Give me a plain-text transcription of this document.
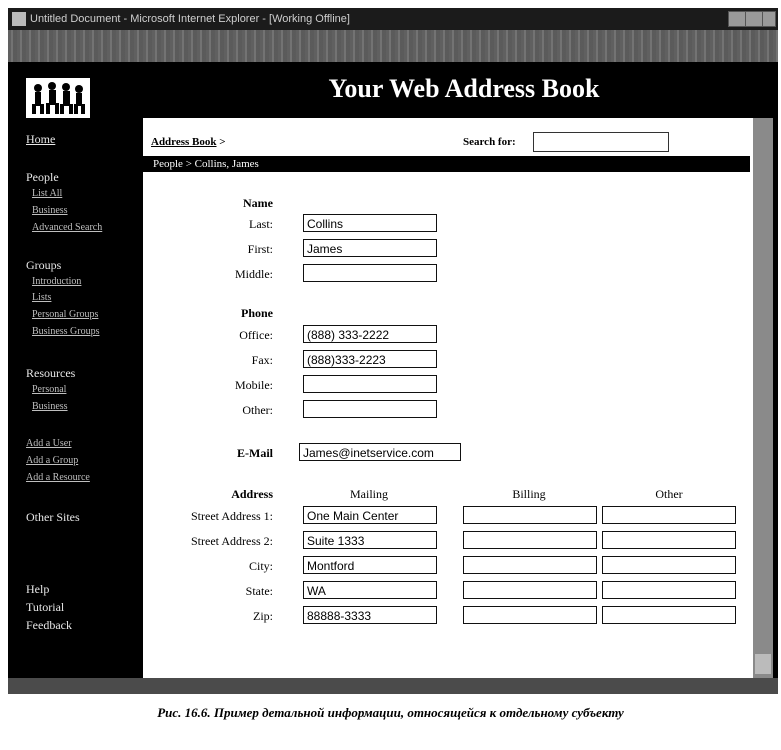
Untitled Document - Microsoft Internet Explorer - [Working Offline]
Your Web Address Book
Home
People
List All
Business
Advanced Search
Groups
Introduction
Lists
Personal Groups
Business Groups
Resources
Personal
Business
Add a User
Add a Group
Add a Resource
Other Sites
Help
Tutorial
Feedback
Address Book >	Search for:
People > Collins, James
Name
Last:	Collins
First:	James
Middle:
Phone
Office:	(888) 333-2222
Fax:	(888)333-2223
Mobile:
Other:
E-Mail	James@inetservice.com
Address	Mailing	Billing	Other
Street Address 1:	One Main Center
Street Address 2:	Suite 1333
City:	Montford
State:	WA
Zip:	88888-3333
Рис. 16.6. Пример детальной информации, относящейся к отдельному субъекту
